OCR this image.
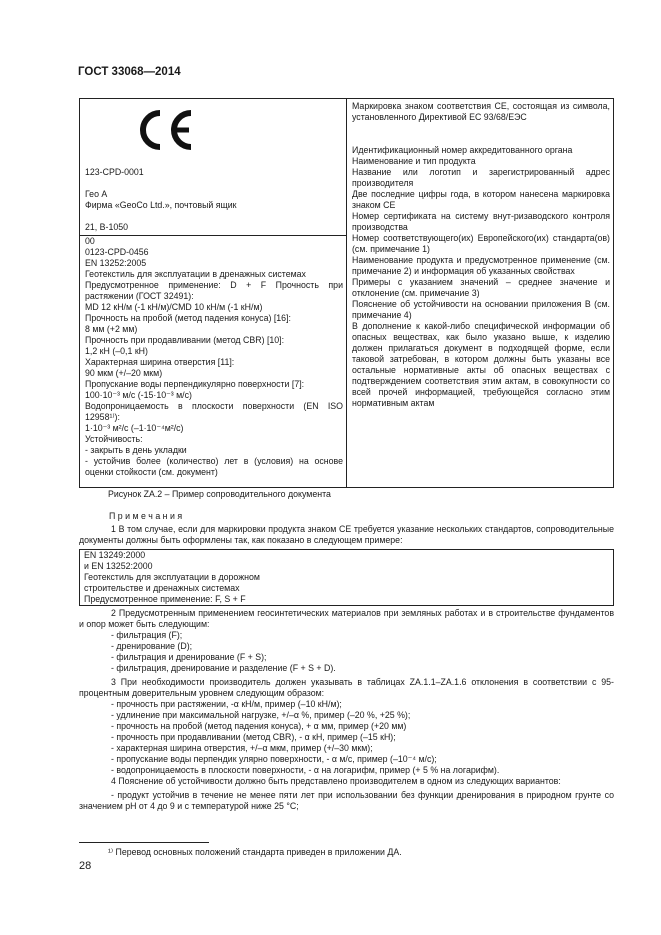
ГОСТ 33068—2014

123-CPD-0001

Гео А

Фирма «GeoCo Ltd.», почтовый ящик

21, B-1050

00

0123-CPD-0456

EN 13252:2005

Геотекстиль для эксплуатации в дренажных системах

Предусмотренное применение: D + F Прочность при растяжении (ГОСТ 32491):

MD 12 кН/м (-1 кН/м)/CMD 10 кН/м (-1 кН/м)

Прочность на пробой (метод падения конуса) [16]:

8 мм (+2 мм)

Прочность при продавливании (метод CBR) [10]:

1,2 кН (–0,1 кН)

Характерная ширина отверстия [11]:

90 мкм (+/–20 мкм)

Пропускание воды перпендикулярно поверхности [7]:

100·10⁻³ м/с (-15·10⁻³ м/с)

Водопроницаемость в плоскости поверхности (EN ISO 12958¹⁾):

1·10⁻³ м²/с (–1·10⁻⁴м²/с)

Устойчивость:

- закрыть в день укладки

- устойчив более (количество) лет в (условия) на основе оценки стойкости (см. документ)

Маркировка знаком соответствия СЕ, состоящая из символа, установленного Директивой ЕС 93/68/ЕЭС

Идентификационный номер аккредитованного органа

Наименование и тип продукта

Название или логотип и зарегистрированный адрес производителя

Две последние цифры года, в котором нанесена маркировка знаком СЕ

Номер сертификата на систему внут-ризаводского контроля производства

Номер соответствующего(их) Европейского(их) стандарта(ов) (см. примечание 1)

Наименование продукта и предусмотренное применение (см. примечание 2) и информация об указанных свойствах

Примеры с указанием значений – среднее значение и отклонение (см. примечание 3)

Пояснение об устойчивости на основании приложения В (см. примечание 4)

В дополнение к какой-либо специфической информации об опасных веществах, как было указано выше, к изделию должен прилагаться документ в подходящей форме, если таковой затребован, в котором должны быть указаны все остальные нормативные акты об опасных веществах с подтверждением соответствия этим актам, в совокупности со всей прочей информацией, требующейся согласно этим нормативным актам

Рисунок ZA.2 – Пример сопроводительного документа

П р и м е ч а н и я

1 В том случае, если для маркировки продукта знаком CE требуется указание нескольких стандартов, сопроводительные документы должны быть оформлены так, как показано в следующем примере:

EN 13249:2000

и EN 13252:2000

Геотекстиль для эксплуатации в дорожном

строительстве и дренажных системах

Предусмотренное применение: F, S + F

2 Предусмотренным применением геосинтетических материалов при земляных работах и в строительстве фундаментов и опор может быть следующим:

- фильтрация (F);

- дренирование (D);

- фильтрация и дренирование (F + S);

- фильтрация, дренирование и разделение (F + S + D).

3 При необходимости производитель должен указывать в таблицах ZA.1.1–ZA.1.6 отклонения в соответствии с 95-процентным доверительным уровнем следующим образом:

- прочность при растяжении, -α кН/м, пример (–10 кН/м);

- удлинение при максимальной нагрузке, +/–α %, пример (–20 %, +25 %);

- прочность на пробой (метод падения конуса), + α мм, пример (+20 мм)

- прочность при продавливании (метод CBR), - α кН, пример (–15 кН);

- характерная ширина отверстия, +/–α мкм, пример (+/–30 мкм);

- пропускание воды перпендик улярно поверхности, - α м/с, пример (–10⁻⁴ м/с);

- водопроницаемость в плоскости поверхности, - α на логарифм, пример (+ 5 % на логарифм).

4 Пояснение об устойчивости должно быть представлено производителем в одном из следующих вариантов:

- продукт устойчив в течение не менее пяти лет при использовании без функции дренирования в природном грунте со значением pH от 4 до 9 и с температурой ниже 25 °С;

¹⁾ Перевод основных положений стандарта приведен в приложении ДА.
28
